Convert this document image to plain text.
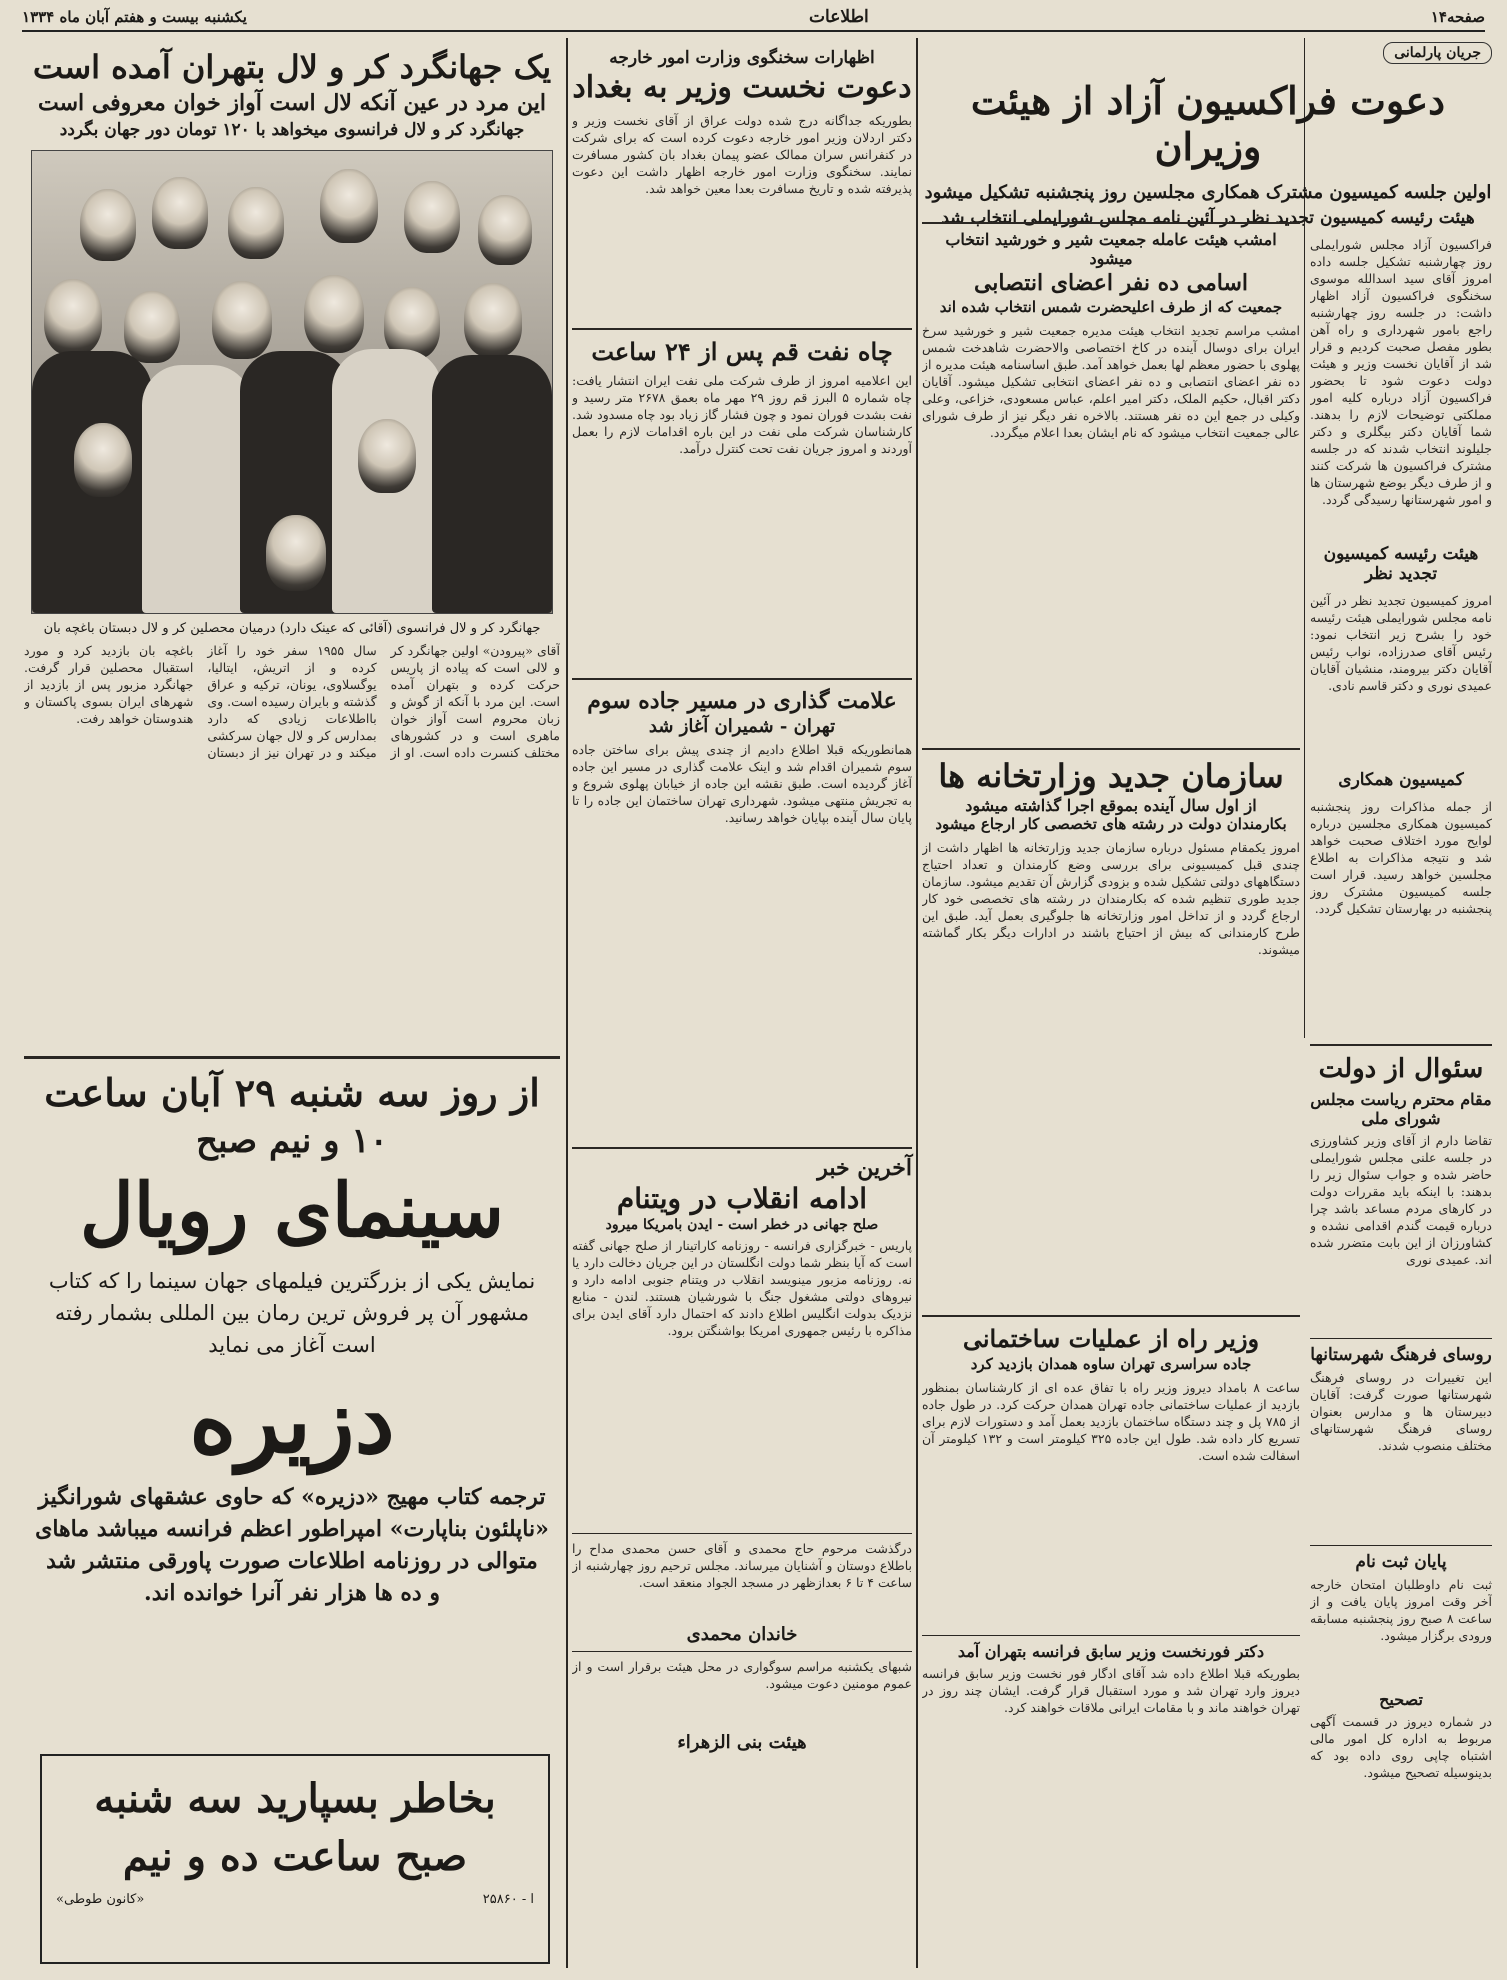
صفحه۱۴
اطلاعات
یکشنبه بیست و هفتم آبان ماه ۱۳۳۴
جریان پارلمانی
دعوت فراکسیون آزاد از هیئت وزیران
اولین جلسه کمیسیون مشترک همکاری مجلسین روز پنجشنبه تشکیل میشود
هیئت رئیسه کمیسیون تجدید نظر در آئین نامه مجلس شورایملی انتخاب شد
فراکسیون آزاد مجلس شورایملی روز چهارشنبه تشکیل جلسه داده امروز آقای سید اسدالله موسوی سخنگوی فراکسیون آزاد اظهار داشت: در جلسه روز چهارشنبه راجع بامور شهرداری و راه آهن بطور مفصل صحبت کردیم و قرار شد از آقایان نخست وزیر و هیئت دولت دعوت شود تا بحضور فراکسیون آزاد درباره کلیه امور مملکتی توضیحات لازم را بدهند. شما آقایان دکتر بیگلری و دکتر جلیلوند انتخاب شدند که در جلسه مشترک فراکسیون ها شرکت کنند و از طرف دیگر بوضع شهرستان ها و امور شهرستانها رسیدگی گردد.
هیئت رئیسه کمیسیون تجدید نظر
امروز کمیسیون تجدید نظر در آئین نامه مجلس شورایملی هیئت رئیسه خود را بشرح زیر انتخاب نمود: رئیس آقای صدرزاده، نواب رئیس آقایان دکتر بیرومند، منشیان آقایان عمیدی نوری و دکتر قاسم نادی.
کمیسیون همکاری
از جمله مذاکرات روز پنجشنبه کمیسیون همکاری مجلسین درباره لوایح مورد اختلاف صحبت خواهد شد و نتیجه مذاکرات به اطلاع مجلسین خواهد رسید. قرار است جلسه کمیسیون مشترک روز پنجشنبه در بهارستان تشکیل گردد.
سئوال از دولت
مقام محترم ریاست مجلس شورای ملی
تقاضا دارم از آقای وزیر کشاورزی در جلسه علنی مجلس شورایملی حاضر شده و جواب سئوال زیر را بدهند: با اینکه باید مقررات دولت در کارهای مردم مساعد باشد چرا درباره قیمت گندم اقدامی نشده و کشاورزان از این بابت متضرر شده اند. عمیدی نوری
روسای فرهنگ شهرستانها
این تغییرات در روسای فرهنگ شهرستانها صورت گرفت: آقایان دبیرستان ها و مدارس بعنوان روسای فرهنگ شهرستانهای مختلف منصوب شدند.
پایان ثبت نام
ثبت نام داوطلبان امتحان خارجه آخر وقت امروز پایان یافت و از ساعت ۸ صبح روز پنجشنبه مسابقه ورودی برگزار میشود.
تصحیح
در شماره دیروز در قسمت آگهی مربوط به اداره کل امور مالی اشتباه چاپی روی داده بود که بدینوسیله تصحیح میشود.
امشب هیئت عامله جمعیت شیر و خورشید انتخاب میشود
اسامی ده نفر اعضای انتصابی
جمعیت که از طرف اعلیحضرت شمس انتخاب شده اند
امشب مراسم تجدید انتخاب هیئت مدیره جمعیت شیر و خورشید سرخ ایران برای دوسال آینده در کاخ اختصاصی والاحضرت شاهدخت شمس پهلوی با حضور معظم لها بعمل خواهد آمد. طبق اساسنامه هیئت مدیره از ده نفر اعضای انتصابی و ده نفر اعضای انتخابی تشکیل میشود. آقایان دکتر اقبال، حکیم الملک، دکتر امیر اعلم، عباس مسعودی، خزاعی، وعلی وکیلی در جمع این ده نفر هستند. بالاخره نفر دیگر نیز از طرف شورای عالی جمعیت انتخاب میشود که نام ایشان بعدا اعلام میگردد.
سازمان جدید وزارتخانه ها
از اول سال آینده بموقع اجرا گذاشته میشود
بکارمندان دولت در رشته های تخصصی کار ارجاع میشود
امروز یکمقام مسئول درباره سازمان جدید وزارتخانه ها اظهار داشت از چندی قبل کمیسیونی برای بررسی وضع کارمندان و تعداد احتیاج دستگاههای دولتی تشکیل شده و بزودی گزارش آن تقدیم میشود. سازمان جدید طوری تنظیم شده که بکارمندان در رشته های تخصصی خود کار ارجاع گردد و از تداخل امور وزارتخانه ها جلوگیری بعمل آید. طبق این طرح کارمندانی که بیش از احتیاج باشند در ادارات دیگر بکار گماشته میشوند.
وزیر راه از عملیات ساختمانی
جاده سراسری تهران ساوه همدان بازدید کرد
ساعت ۸ بامداد دیروز وزیر راه با تفاق عده ای از کارشناسان بمنظور بازدید از عملیات ساختمانی جاده تهران همدان حرکت کرد. در طول جاده از ۷۸۵ پل و چند دستگاه ساختمان بازدید بعمل آمد و دستورات لازم برای تسریع کار داده شد. طول این جاده ۳۲۵ کیلومتر است و ۱۳۲ کیلومتر آن اسفالت شده است.
دکتر فورنخست وزیر سابق فرانسه بتهران آمد
بطوریکه قبلا اطلاع داده شد آقای ادگار فور نخست وزیر سابق فرانسه دیروز وارد تهران شد و مورد استقبال قرار گرفت. ایشان چند روز در تهران خواهند ماند و با مقامات ایرانی ملاقات خواهند کرد.
اظهارات سخنگوی وزارت امور خارجه
دعوت نخست وزیر به بغداد
بطوریکه جداگانه درج شده دولت عراق از آقای نخست وزیر و دکتر اردلان وزیر امور خارجه دعوت کرده است که برای شرکت در کنفرانس سران ممالک عضو پیمان بغداد بان کشور مسافرت نمایند. سخنگوی وزارت امور خارجه اظهار داشت این دعوت پذیرفته شده و تاریخ مسافرت بعدا معین خواهد شد.
چاه نفت قم پس از ۲۴ ساعت
این اعلامیه امروز از طرف شرکت ملی نفت ایران انتشار یافت: چاه شماره ۵ البرز قم روز ۲۹ مهر ماه بعمق ۲۶۷۸ متر رسید و نفت بشدت فوران نمود و چون فشار گاز زیاد بود چاه مسدود شد. کارشناسان شرکت ملی نفت در این باره اقدامات لازم را بعمل آوردند و امروز جریان نفت تحت کنترل درآمد.
علامت گذاری در مسیر جاده سوم
تهران - شمیران آغاز شد
همانطوریکه قبلا اطلاع دادیم از چندی پیش برای ساختن جاده سوم شمیران اقدام شد و اینک علامت گذاری در مسیر این جاده آغاز گردیده است. طبق نقشه این جاده از خیابان پهلوی شروع و به تجریش منتهی میشود. شهرداری تهران ساختمان این جاده را تا پایان سال آینده بپایان خواهد رسانید.
آخرین خبر
ادامه انقلاب در ویتنام
صلح جهانی در خطر است - ایدن بامریکا میرود
پاریس - خبرگزاری فرانسه - روزنامه کاراتینار از صلح جهانی گفته است که آیا بنظر شما دولت انگلستان در این جریان دخالت دارد یا نه. روزنامه مزبور مینویسد انقلاب در ویتنام جنوبی ادامه دارد و نیروهای دولتی مشغول جنگ با شورشیان هستند. لندن - منابع نزدیک بدولت انگلیس اطلاع دادند که احتمال دارد آقای ایدن برای مذاکره با رئیس جمهوری امریکا بواشنگتن برود.
درگذشت مرحوم حاج محمدی و آقای حسن محمدی مداح را باطلاع دوستان و آشنایان میرساند. مجلس ترحیم روز چهارشنبه از ساعت ۴ تا ۶ بعدازظهر در مسجد الجواد منعقد است.
خاندان محمدی
شبهای یکشنبه مراسم سوگواری در محل هیئت برقرار است و از عموم مومنین دعوت میشود.
هیئت بنی الزهراء
یک جهانگرد کر و لال بتهران آمده است
این مرد در عین آنکه لال است آواز خوان معروفی است
جهانگرد کر و لال فرانسوی میخواهد با ۱۲۰ تومان دور جهان بگردد
جهانگرد کر و لال فرانسوی (آقائی که عینک دارد) درمیان محصلین کر و لال دبستان باغچه بان
آقای «پیرودن» اولین جهانگرد کر و لالی است که پیاده از پاریس حرکت کرده و بتهران آمده است. این مرد با آنکه از گوش و زبان محروم است آواز خوان ماهری است و در کشورهای مختلف کنسرت داده است. او از سال ۱۹۵۵ سفر خود را آغاز کرده و از اتریش، ایتالیا، یوگسلاوی، یونان، ترکیه و عراق گذشته و بایران رسیده است. وی بااطلاعات زیادی که دارد بمدارس کر و لال جهان سرکشی میکند و در تهران نیز از دبستان باغچه بان بازدید کرد و مورد استقبال محصلین قرار گرفت. جهانگرد مزبور پس از بازدید از شهرهای ایران بسوی پاکستان و هندوستان خواهد رفت.
از روز سه شنبه ۲۹ آبان ساعت
۱۰ و نیم صبح
سینمای رویال
نمایش یکی از بزرگترین فیلمهای جهان سینما را که کتاب
مشهور آن پر فروش ترین رمان بین المللی بشمار رفته
است آغاز می نماید
دزیره
ترجمه کتاب مهیج «دزیره» که حاوی عشقهای شورانگیز
«ناپلئون بناپارت» امپراطور اعظم فرانسه میباشد ماهای
متوالی در روزنامه اطلاعات صورت پاورقی منتشر شد
و ده ها هزار نفر آنرا خوانده اند.
بخاطر بسپارید سه شنبه
صبح ساعت ده و نیم
ا - ۲۵۸۶۰
«کانون طوطی»
